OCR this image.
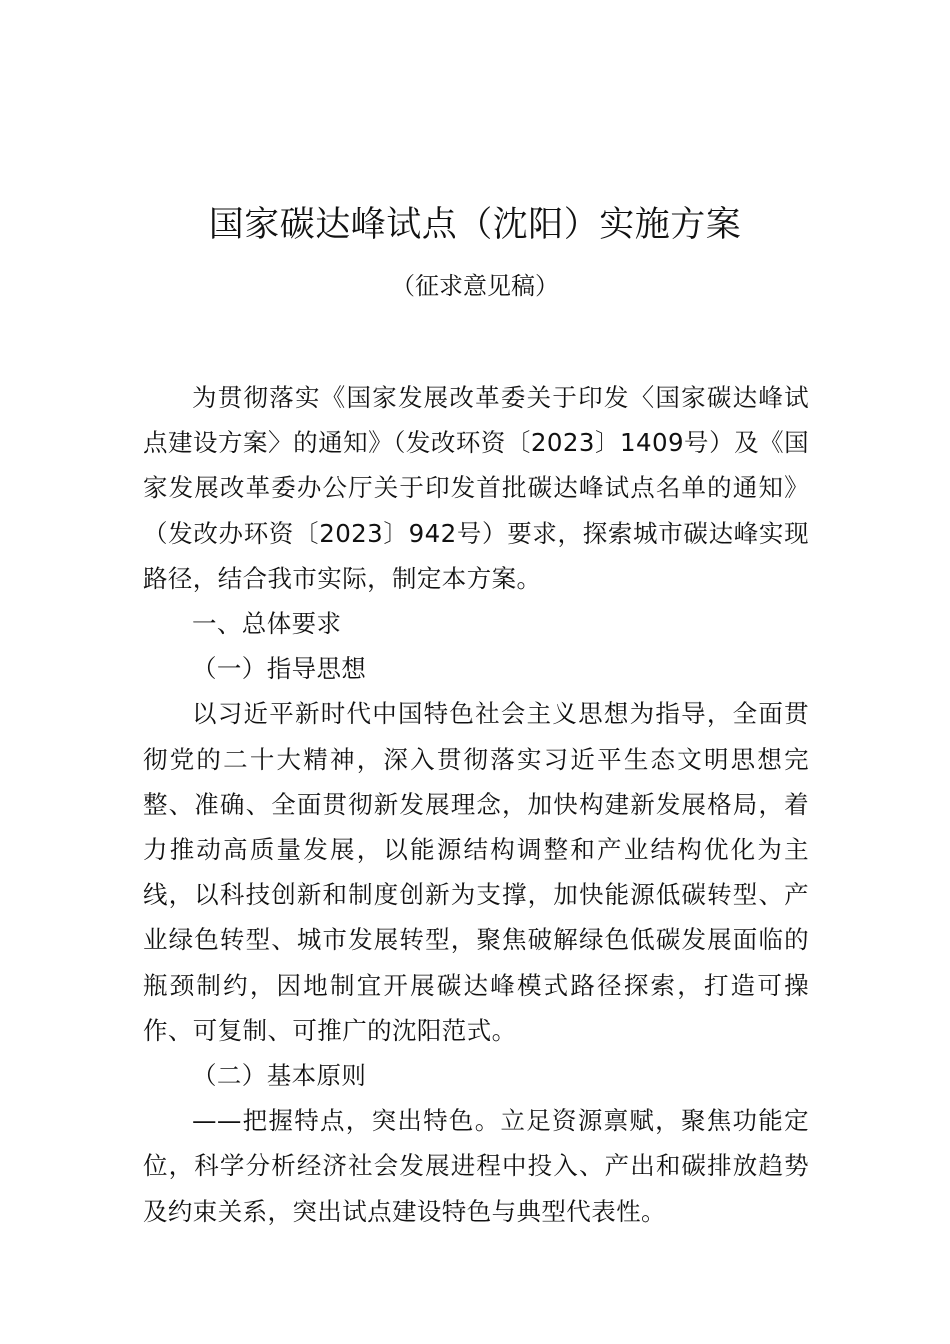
国家碳达峰试点（沈阳）实施方案
（征求意见稿）

为贯彻落实《国家发展改革委关于印发〈国家碳达峰试点建设方案〉的通知》（发改环资〔2023〕1409号）及《国家发展改革委办公厅关于印发首批碳达峰试点名单的通知》（发改办环资〔2023〕942号）要求，探索城市碳达峰实现路径，结合我市实际，制定本方案。

一、总体要求

（一）指导思想

以习近平新时代中国特色社会主义思想为指导，全面贯彻党的二十大精神，深入贯彻落实习近平生态文明思想完整、准确、全面贯彻新发展理念，加快构建新发展格局，着力推动高质量发展，以能源结构调整和产业结构优化为主线，以科技创新和制度创新为支撑，加快能源低碳转型、产业绿色转型、城市发展转型，聚焦破解绿色低碳发展面临的瓶颈制约，因地制宜开展碳达峰模式路径探索，打造可操作、可复制、可推广的沈阳范式。

（二）基本原则

——把握特点，突出特色。立足资源禀赋，聚焦功能定位，科学分析经济社会发展进程中投入、产出和碳排放趋势及约束关系，突出试点建设特色与典型代表性。
